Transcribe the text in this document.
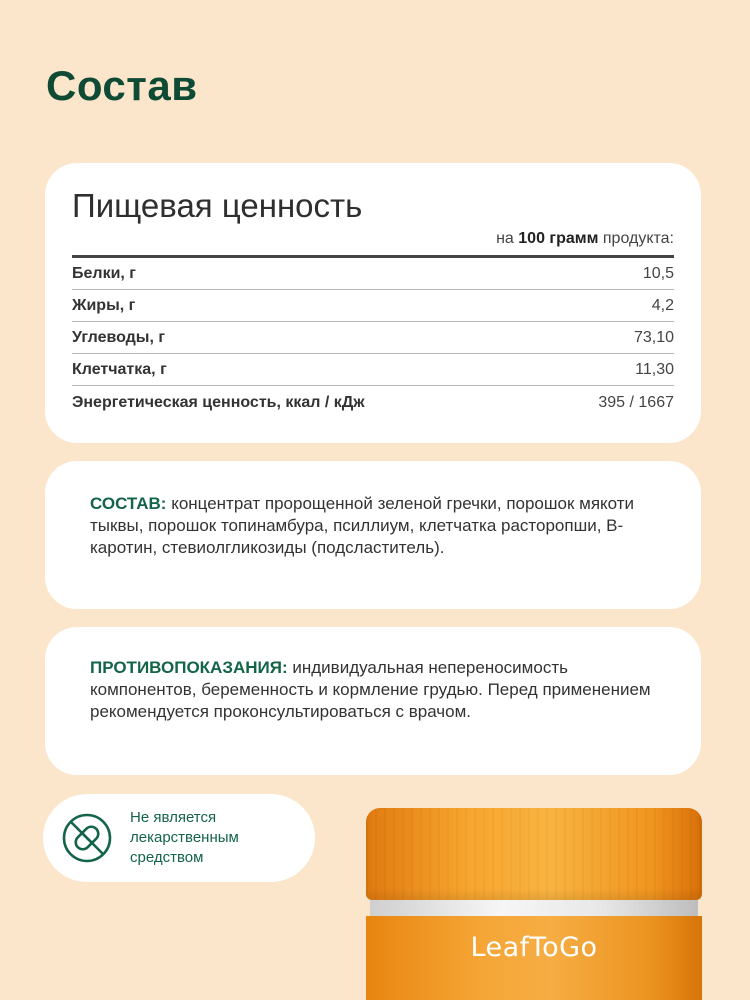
Состав
Пищевая ценность
на 100 грамм продукта:
Белки, г	10,5
Жиры, г	4,2
Углеводы, г	73,10
Клетчатка, г	11,30
Энергетическая ценность, ккал / кДж	395 / 1667
СОСТАВ: концентрат пророщенной зеленой гречки, порошок мякоти тыквы, порошок топинамбура, псиллиум, клетчатка расторопши, B-каротин, стевиолгликозиды (подсластитель).
ПРОТИВОПОКАЗАНИЯ: индивидуальная непереносимость компонентов, беременность и кормление грудью. Перед применением рекомендуется проконсультироваться с врачом.
Не является
лекарственным
средством
LeafToGo
